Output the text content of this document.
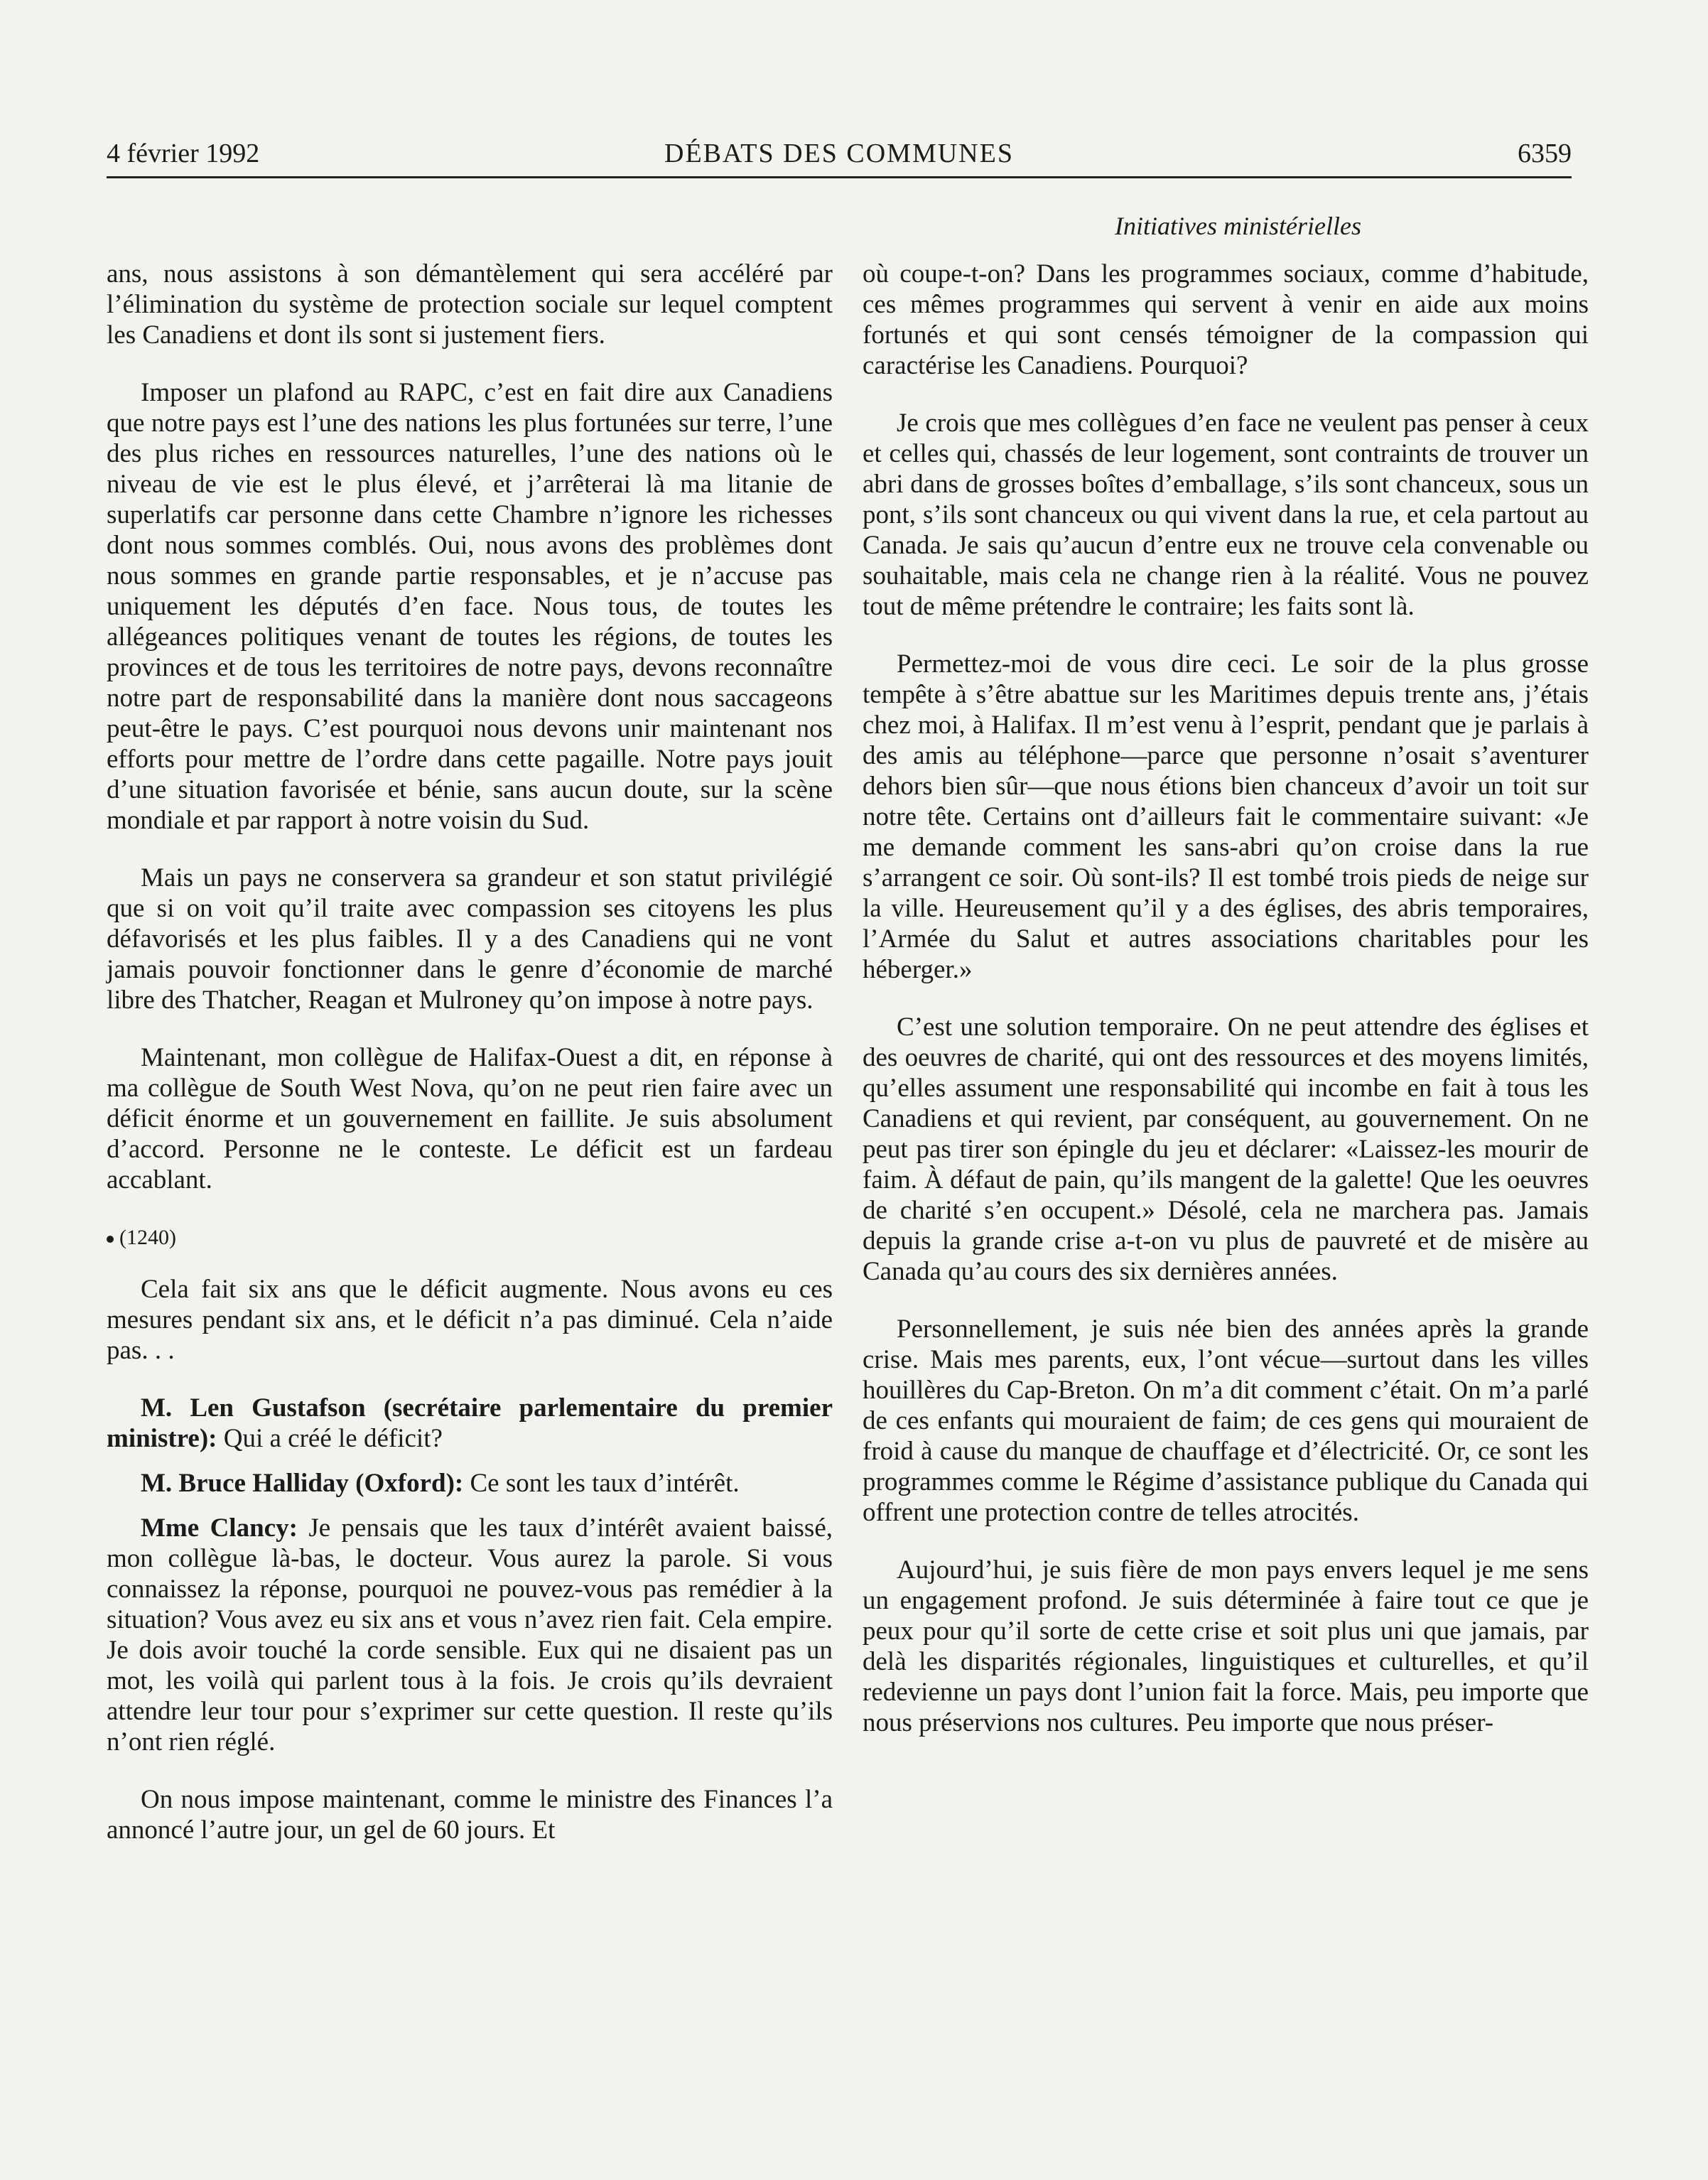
4 février 1992	DÉBATS DES COMMUNES	6359
Initiatives ministérielles

ans, nous assistons à son démantèlement qui sera accéléré par l’élimination du système de protection sociale sur lequel comptent les Canadiens et dont ils sont si justement fiers.

Imposer un plafond au RAPC, c’est en fait dire aux Canadiens que notre pays est l’une des nations les plus fortunées sur terre, l’une des plus riches en ressources naturelles, l’une des nations où le niveau de vie est le plus élevé, et j’arrêterai là ma litanie de superlatifs car personne dans cette Chambre n’ignore les richesses dont nous sommes comblés. Oui, nous avons des problèmes dont nous sommes en grande partie responsables, et je n’accuse pas uniquement les députés d’en face. Nous tous, de toutes les allégeances politiques venant de toutes les régions, de toutes les provinces et de tous les territoires de notre pays, devons reconnaître notre part de responsabilité dans la manière dont nous saccageons peut-être le pays. C’est pourquoi nous devons unir maintenant nos efforts pour mettre de l’ordre dans cette pagaille. Notre pays jouit d’une situation favorisée et bénie, sans aucun doute, sur la scène mondiale et par rapport à notre voisin du Sud.

Mais un pays ne conservera sa grandeur et son statut privilégié que si on voit qu’il traite avec compassion ses citoyens les plus défavorisés et les plus faibles. Il y a des Canadiens qui ne vont jamais pouvoir fonctionner dans le genre d’économie de marché libre des Thatcher, Reagan et Mulroney qu’on impose à notre pays.

Maintenant, mon collègue de Halifax-Ouest a dit, en réponse à ma collègue de South West Nova, qu’on ne peut rien faire avec un déficit énorme et un gouvernement en faillite. Je suis absolument d’accord. Personne ne le conteste. Le déficit est un fardeau accablant.

(1240)

Cela fait six ans que le déficit augmente. Nous avons eu ces mesures pendant six ans, et le déficit n’a pas diminué. Cela n’aide pas. . .

M. Len Gustafson (secrétaire parlementaire du premier ministre): Qui a créé le déficit?

M. Bruce Halliday (Oxford): Ce sont les taux d’intérêt.

Mme Clancy: Je pensais que les taux d’intérêt avaient baissé, mon collègue là-bas, le docteur. Vous aurez la parole. Si vous connaissez la réponse, pourquoi ne pouvez-vous pas remédier à la situation? Vous avez eu six ans et vous n’avez rien fait. Cela empire. Je dois avoir touché la corde sensible. Eux qui ne disaient pas un mot, les voilà qui parlent tous à la fois. Je crois qu’ils devraient attendre leur tour pour s’exprimer sur cette question. Il reste qu’ils n’ont rien réglé.

On nous impose maintenant, comme le ministre des Finances l’a annoncé l’autre jour, un gel de 60 jours. Et

où coupe-t-on? Dans les programmes sociaux, comme d’habitude, ces mêmes programmes qui servent à venir en aide aux moins fortunés et qui sont censés témoigner de la compassion qui caractérise les Canadiens. Pourquoi?

Je crois que mes collègues d’en face ne veulent pas penser à ceux et celles qui, chassés de leur logement, sont contraints de trouver un abri dans de grosses boîtes d’emballage, s’ils sont chanceux, sous un pont, s’ils sont chanceux ou qui vivent dans la rue, et cela partout au Canada. Je sais qu’aucun d’entre eux ne trouve cela convenable ou souhaitable, mais cela ne change rien à la réalité. Vous ne pouvez tout de même prétendre le contraire; les faits sont là.

Permettez-moi de vous dire ceci. Le soir de la plus grosse tempête à s’être abattue sur les Maritimes depuis trente ans, j’étais chez moi, à Halifax. Il m’est venu à l’esprit, pendant que je parlais à des amis au téléphone—parce que personne n’osait s’aventurer dehors bien sûr—que nous étions bien chanceux d’avoir un toit sur notre tête. Certains ont d’ailleurs fait le commentaire suivant: «Je me demande comment les sans-abri qu’on croise dans la rue s’arrangent ce soir. Où sont-ils? Il est tombé trois pieds de neige sur la ville. Heureusement qu’il y a des églises, des abris temporaires, l’Armée du Salut et autres associations charitables pour les héberger.»

C’est une solution temporaire. On ne peut attendre des églises et des oeuvres de charité, qui ont des ressources et des moyens limités, qu’elles assument une responsabilité qui incombe en fait à tous les Canadiens et qui revient, par conséquent, au gouvernement. On ne peut pas tirer son épingle du jeu et déclarer: «Laissez-les mourir de faim. À défaut de pain, qu’ils mangent de la galette! Que les oeuvres de charité s’en occupent.» Désolé, cela ne marchera pas. Jamais depuis la grande crise a-t-on vu plus de pauvreté et de misère au Canada qu’au cours des six dernières années.

Personnellement, je suis née bien des années après la grande crise. Mais mes parents, eux, l’ont vécue—surtout dans les villes houillères du Cap-Breton. On m’a dit comment c’était. On m’a parlé de ces enfants qui mouraient de faim; de ces gens qui mouraient de froid à cause du manque de chauffage et d’électricité. Or, ce sont les programmes comme le Régime d’assistance publique du Canada qui offrent une protection contre de telles atrocités.

Aujourd’hui, je suis fière de mon pays envers lequel je me sens un engagement profond. Je suis déterminée à faire tout ce que je peux pour qu’il sorte de cette crise et soit plus uni que jamais, par delà les disparités régionales, linguistiques et culturelles, et qu’il redevienne un pays dont l’union fait la force. Mais, peu importe que nous préservions nos cultures. Peu importe que nous préser-
